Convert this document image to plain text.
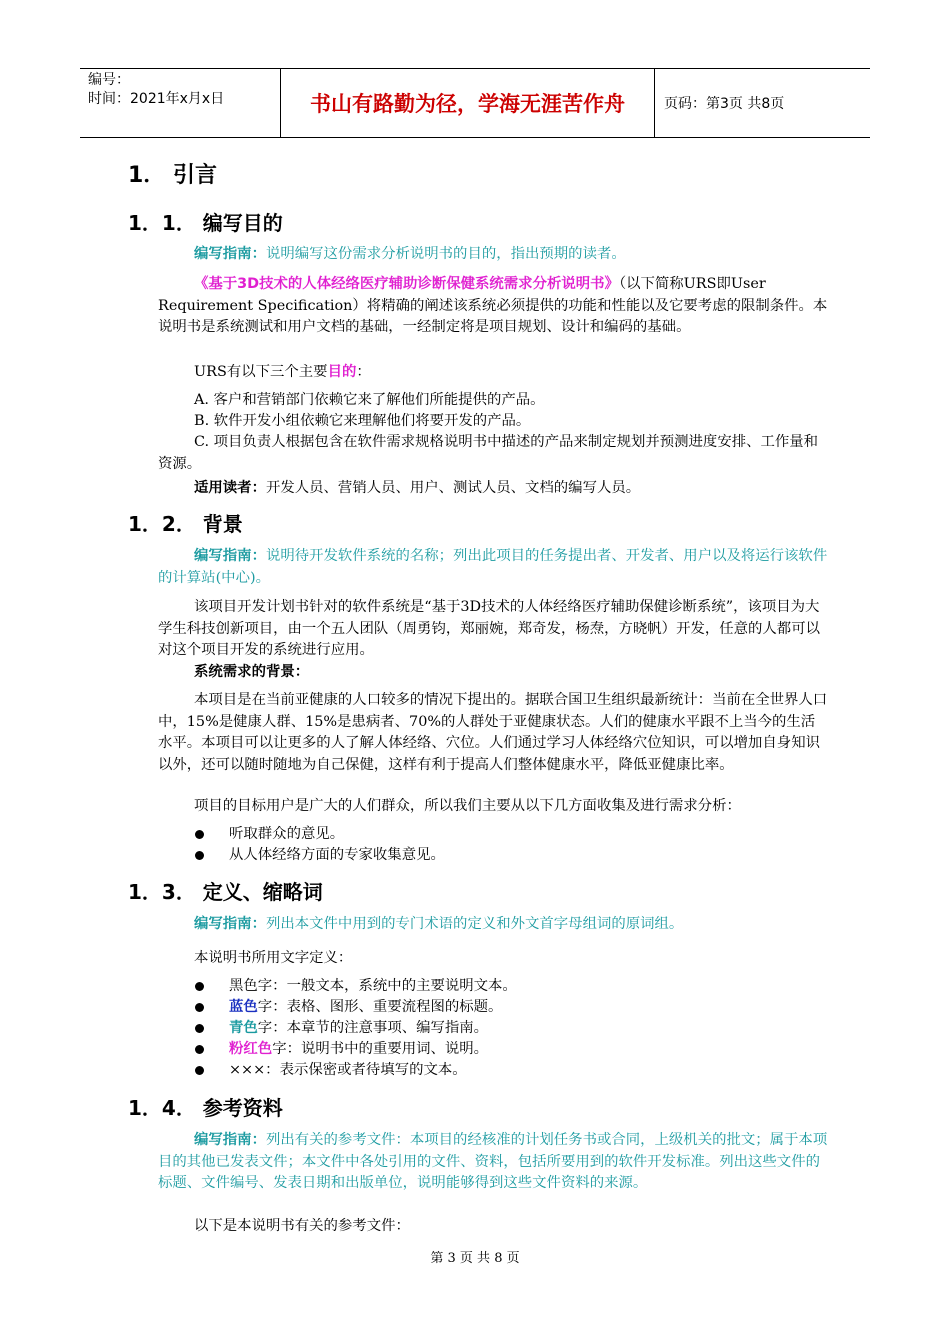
编号：
时间：2021年x月x日	书山有路勤为径，学海无涯苦作舟	页码：第3页 共8页
1． 引言
1．1． 编写目的
编写指南：说明编写这份需求分析说明书的目的，指出预期的读者。
《基于3D技术的人体经络医疗辅助诊断保健系统需求分析说明书》（以下简称URS即User Requirement Specification）将精确的阐述该系统必须提供的功能和性能以及它要考虑的限制条件。本说明书是系统测试和用户文档的基础，一经制定将是项目规划、设计和编码的基础。
URS有以下三个主要目的：
A. 客户和营销部门依赖它来了解他们所能提供的产品。
B. 软件开发小组依赖它来理解他们将要开发的产品。
C. 项目负责人根据包含在软件需求规格说明书中描述的产品来制定规划并预测进度安排、工作量和资源。
适用读者：开发人员、营销人员、用户、测试人员、文档的编写人员。
1．2． 背景
编写指南：说明待开发软件系统的名称；列出此项目的任务提出者、开发者、用户以及将运行该软件的计算站(中心)。
该项目开发计划书针对的软件系统是“基于3D技术的人体经络医疗辅助保健诊断系统”，该项目为大学生科技创新项目，由一个五人团队（周勇钧，郑丽婉，郑奇发，杨焘，方晓帆）开发，任意的人都可以对这个项目开发的系统进行应用。
系统需求的背景：
本项目是在当前亚健康的人口较多的情况下提出的。据联合国卫生组织最新统计：当前在全世界人口中，15%是健康人群、15%是患病者、70%的人群处于亚健康状态。人们的健康水平跟不上当今的生活水平。本项目可以让更多的人了解人体经络、穴位。人们通过学习人体经络穴位知识，可以增加自身知识以外，还可以随时随地为自己保健，这样有利于提高人们整体健康水平，降低亚健康比率。
项目的目标用户是广大的人们群众，所以我们主要从以下几方面收集及进行需求分析：
听取群众的意见。
从人体经络方面的专家收集意见。
1．3． 定义、缩略词
编写指南：列出本文件中用到的专门术语的定义和外文首字母组词的原词组。
本说明书所用文字定义：
黑色字：一般文本，系统中的主要说明文本。
蓝色字：表格、图形、重要流程图的标题。
青色字：本章节的注意事项、编写指南。
粉红色字：说明书中的重要用词、说明。
×××：表示保密或者待填写的文本。
1．4． 参考资料
编写指南：列出有关的参考文件：本项目的经核准的计划任务书或合同，上级机关的批文；属于本项目的其他已发表文件；本文件中各处引用的文件、资料，包括所要用到的软件开发标准。列出这些文件的标题、文件编号、发表日期和出版单位，说明能够得到这些文件资料的来源。
以下是本说明书有关的参考文件：
第 3 页 共 8 页
